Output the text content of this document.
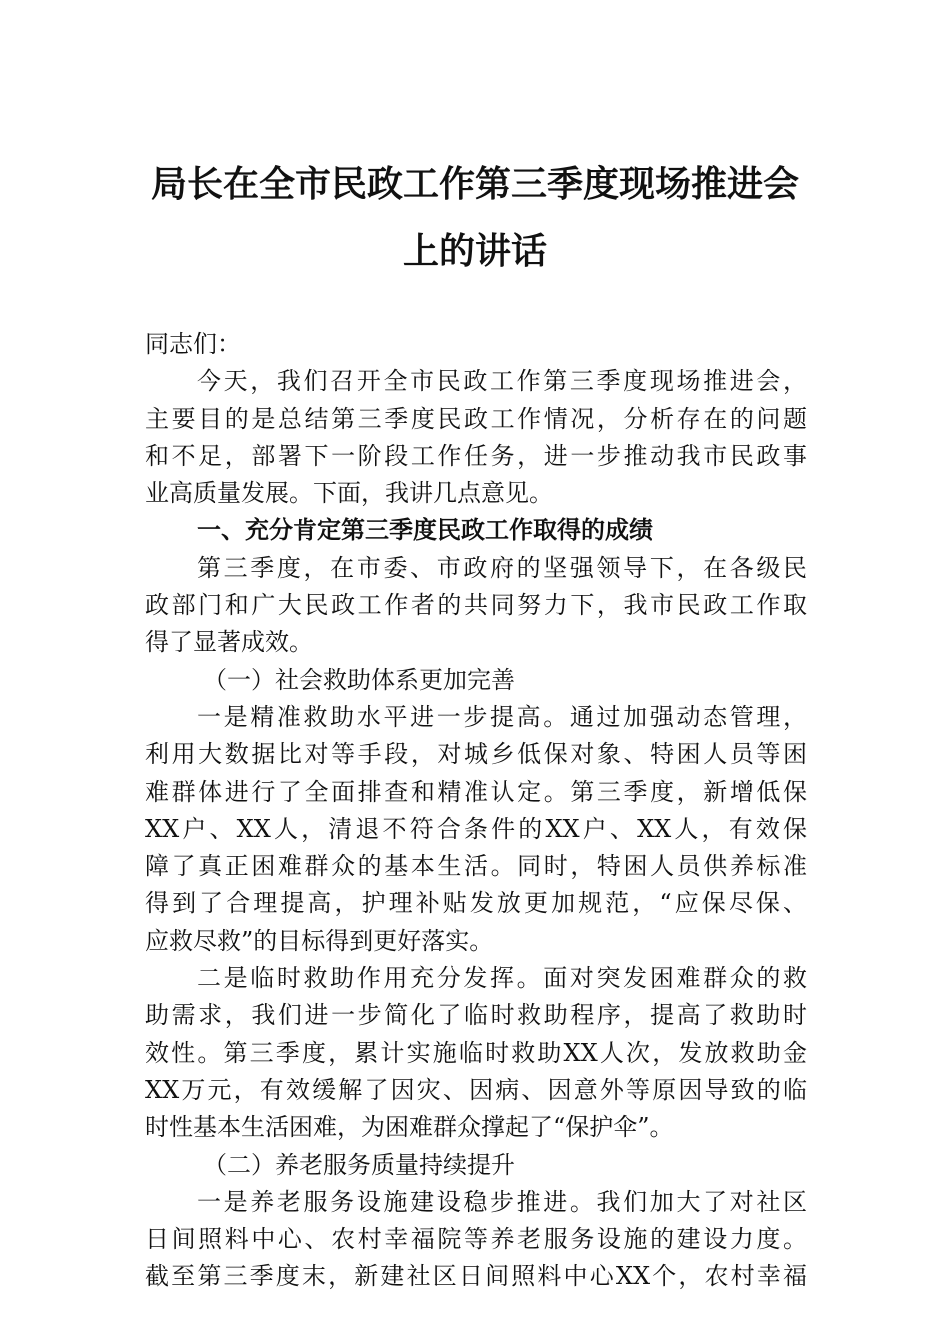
局长在全市民政工作第三季度现场推进会
上的讲话
同志们：
今天，我们召开全市民政工作第三季度现场推进会，
主要目的是总结第三季度民政工作情况，分析存在的问题
和不足，部署下一阶段工作任务，进一步推动我市民政事
业高质量发展。下面，我讲几点意见。
一、充分肯定第三季度民政工作取得的成绩
第三季度，在市委、市政府的坚强领导下，在各级民
政部门和广大民政工作者的共同努力下，我市民政工作取
得了显著成效。
（一）社会救助体系更加完善
一是精准救助水平进一步提高。通过加强动态管理，
利用大数据比对等手段，对城乡低保对象、特困人员等困
难群体进行了全面排查和精准认定。第三季度，新增低保
XX户、XX人，清退不符合条件的XX户、XX人，有效保
障了真正困难群众的基本生活。同时，特困人员供养标准
得到了合理提高，护理补贴发放更加规范，“应保尽保、
应救尽救”的目标得到更好落实。
二是临时救助作用充分发挥。面对突发困难群众的救
助需求，我们进一步简化了临时救助程序，提高了救助时
效性。第三季度，累计实施临时救助XX人次，发放救助金
XX万元，有效缓解了因灾、因病、因意外等原因导致的临
时性基本生活困难，为困难群众撑起了“保护伞”。
（二）养老服务质量持续提升
一是养老服务设施建设稳步推进。我们加大了对社区
日间照料中心、农村幸福院等养老服务设施的建设力度。
截至第三季度末，新建社区日间照料中心XX个，农村幸福
